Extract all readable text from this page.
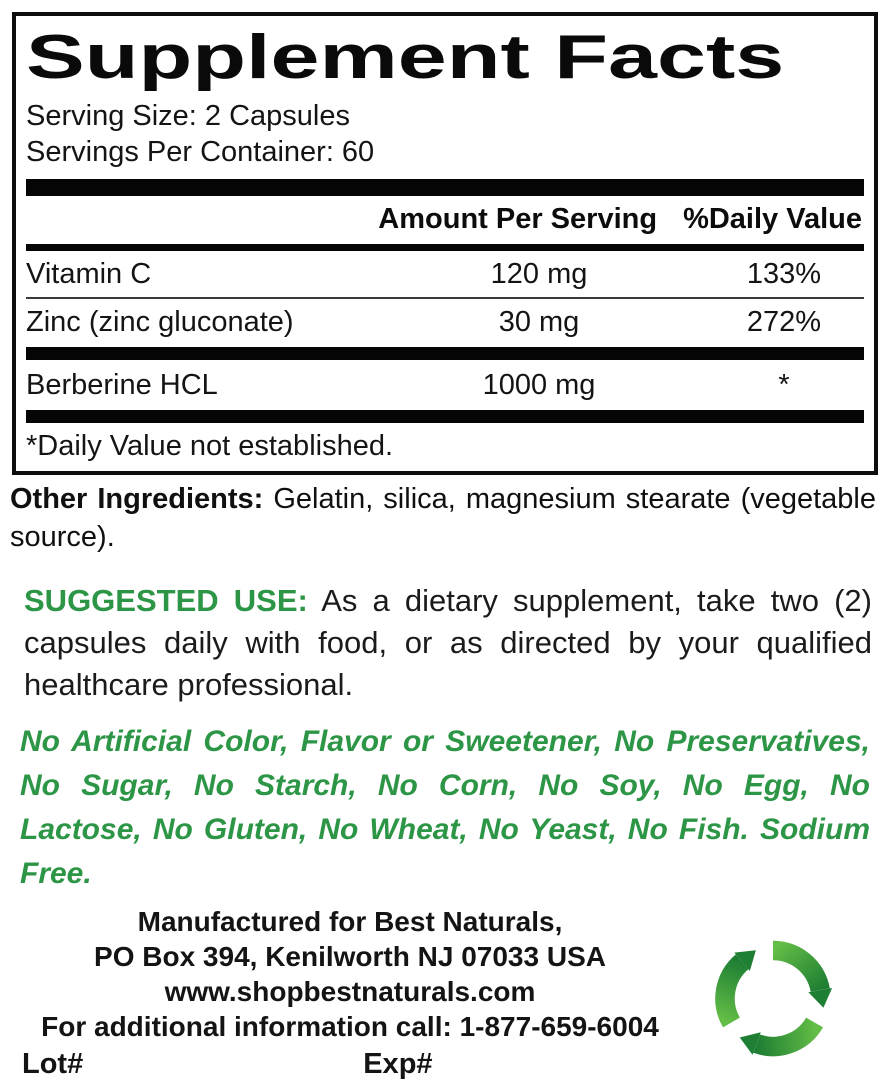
Supplement Facts
Serving Size: 2 Capsules
Servings Per Container: 60
Amount Per Serving %Daily Value
Vitamin C	120 mg	133%
Zinc (zinc gluconate)	30 mg	272%
Berberine HCL	1000 mg	*
*Daily Value not established.

Other Ingredients: Gelatin, silica, magnesium stearate (vegetable source).

SUGGESTED USE: As a dietary supplement, take two (2) capsules daily with food, or as directed by your qualified healthcare professional.

No Artificial Color, Flavor or Sweetener, No Preservatives, No Sugar, No Starch, No Corn, No Soy, No Egg, No Lactose, No Gluten, No Wheat, No Yeast, No Fish. Sodium Free.

Manufactured for Best Naturals,
PO Box 394, Kenilworth NJ 07033 USA
www.shopbestnaturals.com
For additional information call: 1-877-659-6004
Lot#	Exp#
